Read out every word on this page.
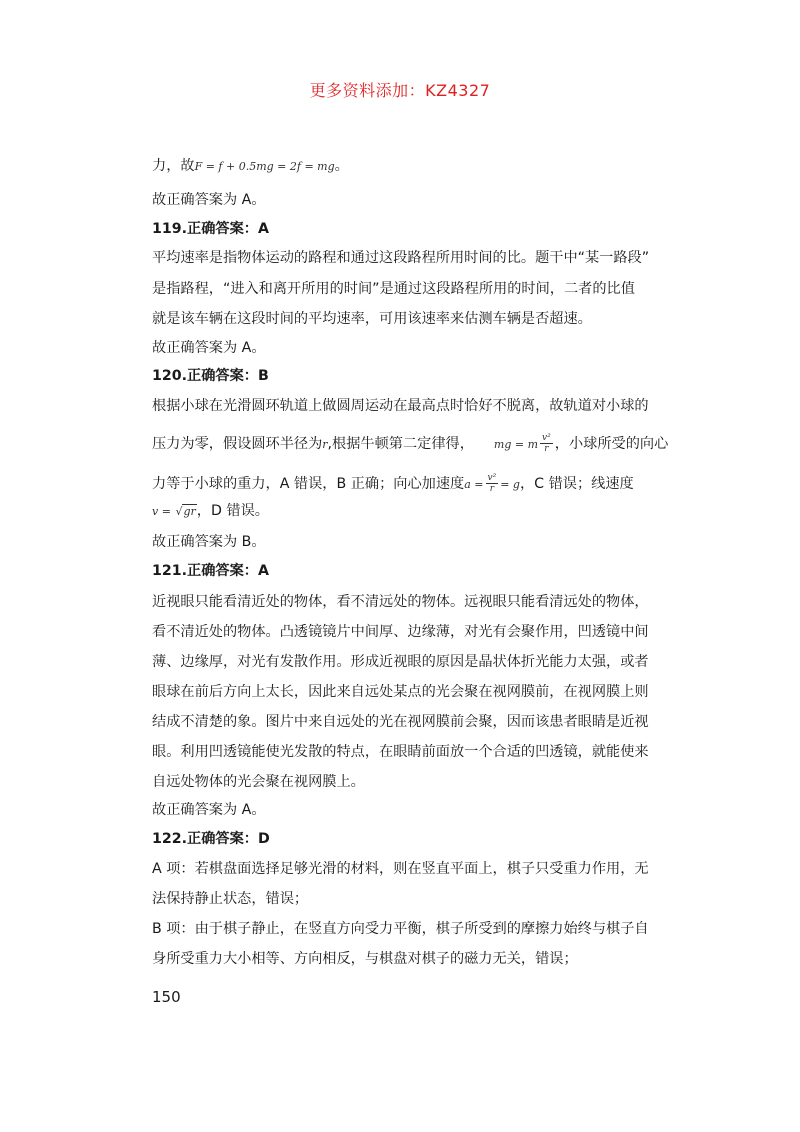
更多资料添加：KZ4327
力，故F = f + 0.5mg = 2f = mg。
故正确答案为 A。
119.正确答案：A
平均速率是指物体运动的路程和通过这段路程所用时间的比。题干中“某一路段”
是指路程，“进入和离开所用的时间”是通过这段路程所用的时间，二者的比值
就是该车辆在这段时间的平均速率，可用该速率来估测车辆是否超速。
故正确答案为 A。
120.正确答案：B
根据小球在光滑圆环轨道上做圆周运动在最高点时恰好不脱离，故轨道对小球的
压力为零，假设圆环半径为r,根据牛顿第二定律得， mg = m $\frac{\text{v²}}{r}$ ，小球所受的向心
力等于小球的重力，A 错误，B 正确；向心加速度$a = \frac{\text{v²}}{r} = g$，C 错误；线速度
v = √gr，D 错误。
故正确答案为 B。
121.正确答案：A
近视眼只能看清近处的物体，看不清远处的物体。远视眼只能看清远处的物体，
看不清近处的物体。凸透镜镜片中间厚、边缘薄，对光有会聚作用，凹透镜中间
薄、边缘厚，对光有发散作用。形成近视眼的原因是晶状体折光能力太强，或者
眼球在前后方向上太长，因此来自远处某点的光会聚在视网膜前，在视网膜上则
结成不清楚的象。图片中来自远处的光在视网膜前会聚，因而该患者眼睛是近视
眼。利用凹透镜能使光发散的特点，在眼睛前面放一个合适的凹透镜，就能使来
自远处物体的光会聚在视网膜上。
故正确答案为 A。
122.正确答案：D
A 项：若棋盘面选择足够光滑的材料，则在竖直平面上，棋子只受重力作用，无
法保持静止状态，错误；
B 项：由于棋子静止，在竖直方向受力平衡，棋子所受到的摩擦力始终与棋子自
身所受重力大小相等、方向相反，与棋盘对棋子的磁力无关，错误；
150
